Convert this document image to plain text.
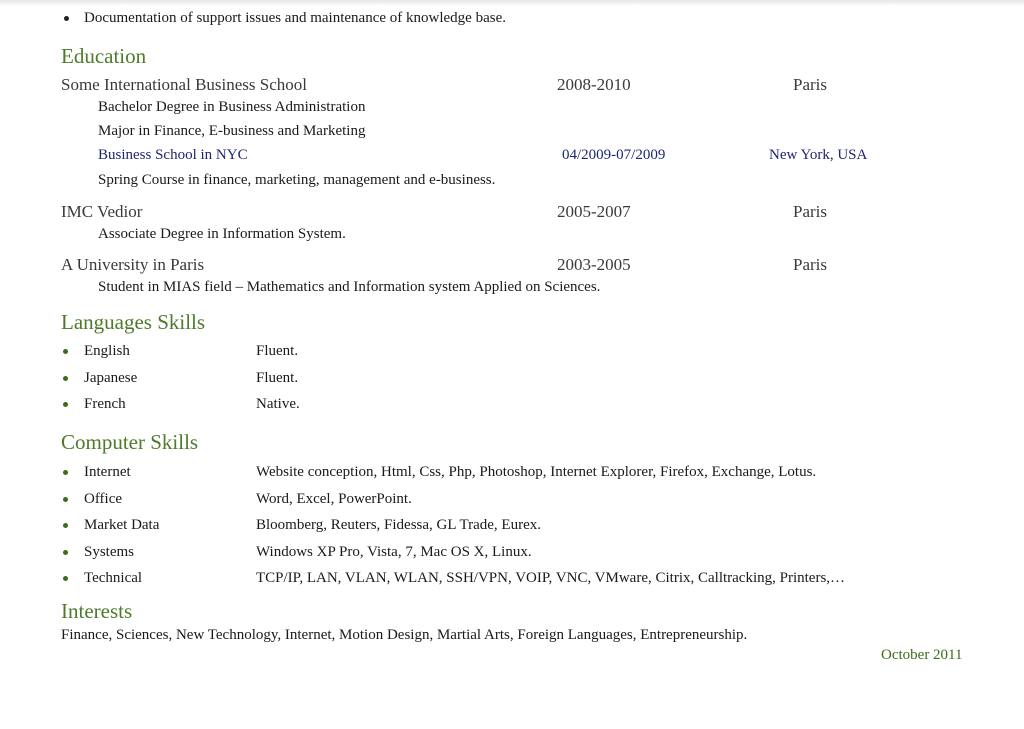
Documentation of support issues and maintenance of knowledge base.
Education
Some International Business School	2008-2010	Paris
Bachelor Degree in Business Administration
Major in Finance, E-business and Marketing
Business School in NYC	04/2009-07/2009	New York, USA
Spring Course in finance, marketing, management and e-business.
IMC Vedior	2005-2007	Paris
Associate Degree in Information System.
A University in Paris	2003-2005	Paris
Student in MIAS field – Mathematics and Information system Applied on Sciences.
Languages Skills
English	Fluent.
Japanese	Fluent.
French	Native.
Computer Skills
Internet	Website conception, Html, Css, Php, Photoshop, Internet Explorer, Firefox, Exchange, Lotus.
Office	Word, Excel, PowerPoint.
Market Data	Bloomberg, Reuters, Fidessa, GL Trade, Eurex.
Systems	Windows XP Pro, Vista, 7, Mac OS X, Linux.
Technical	TCP/IP, LAN, VLAN, WLAN, SSH/VPN, VOIP, VNC, VMware, Citrix, Calltracking, Printers,…
Interests
Finance, Sciences, New Technology, Internet, Motion Design, Martial Arts, Foreign Languages, Entrepreneurship.
October 2011
